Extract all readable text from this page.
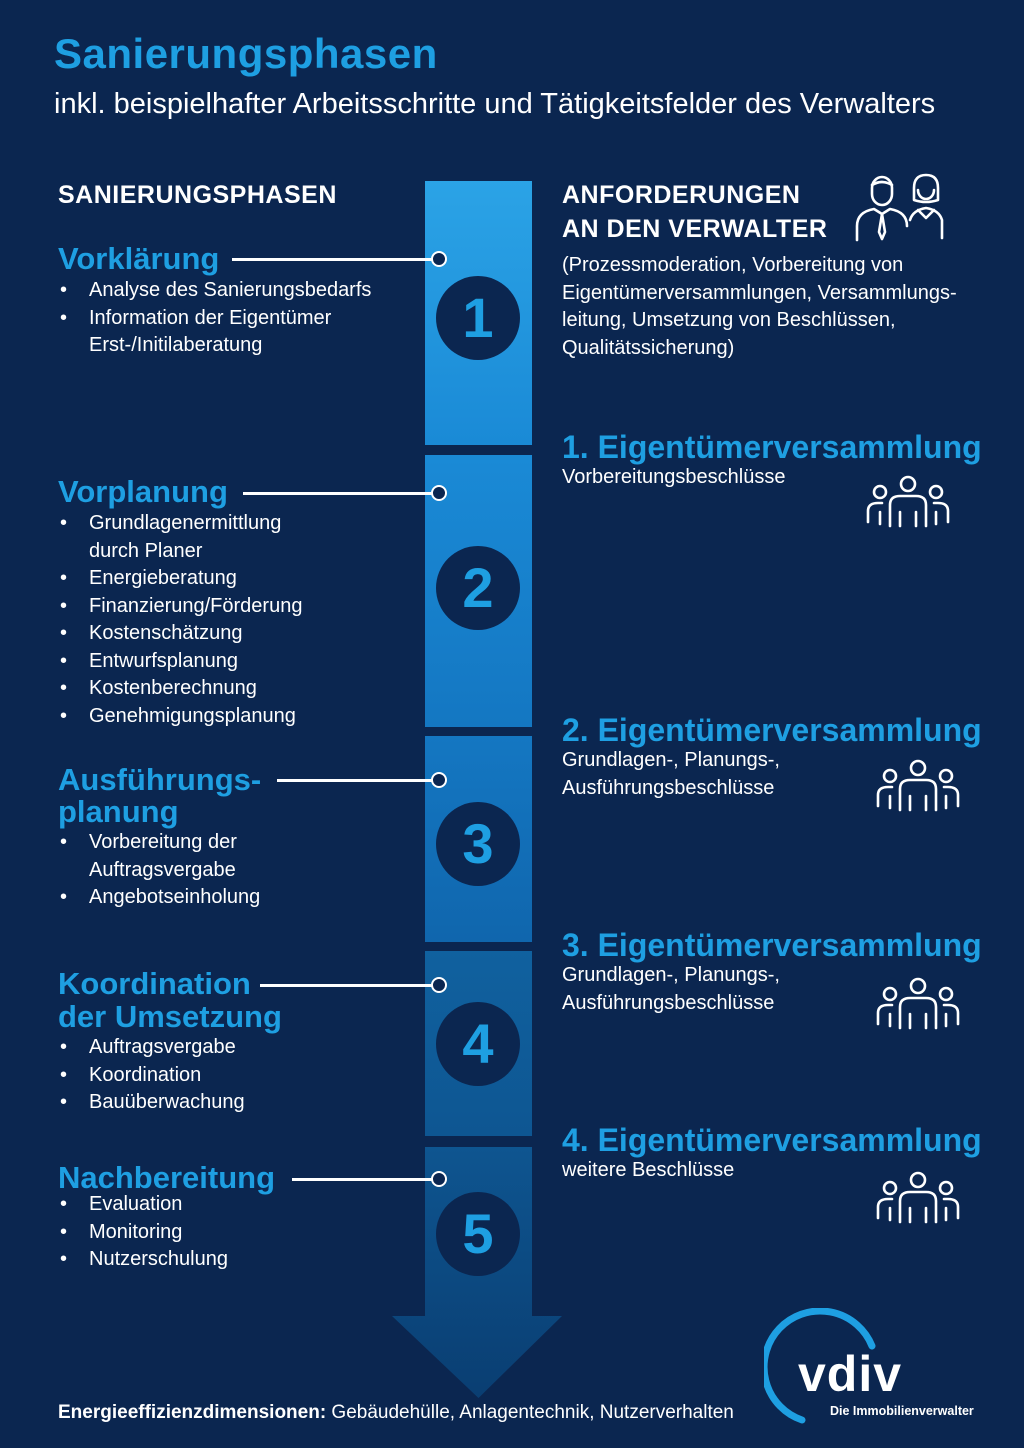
Sanierungsphasen
inkl. beispielhafter Arbeitsschritte und Tätigkeitsfelder des Verwalters
SANIERUNGSPHASEN
1
2
3
4
5
Vorklärung
• Analyse des Sanierungsbedarfs
• Information der Eigentümer Erst-/Initilaberatung
Vorplanung
• Grundlagenermittlung durch Planer
• Energieberatung
• Finanzierung/Förderung
• Kostenschätzung
• Entwurfsplanung
• Kostenberechnung
• Genehmigungsplanung
Ausführungs-
planung
• Vorbereitung der Auftragsvergabe
• Angebotseinholung
Koordination
der Umsetzung
• Auftragsvergabe
• Koordination
• Bauüberwachung
Nachbereitung
• Evaluation
• Monitoring
• Nutzerschulung
ANFORDERUNGEN
AN DEN VERWALTER
(Prozessmoderation, Vorbereitung von
Eigentümerversammlungen, Versammlungs-
leitung, Umsetzung von Beschlüssen,
Qualitätssicherung)
1. Eigentümerversammlung
Vorbereitungsbeschlüsse
2. Eigentümerversammlung
Grundlagen-, Planungs-,
Ausführungsbeschlüsse
3. Eigentümerversammlung
Grundlagen-, Planungs-,
Ausführungsbeschlüsse
4. Eigentümerversammlung
weitere Beschlüsse
vdiv
Die Immobilienverwalter
Energieeffizienzdimensionen: Gebäudehülle, Anlagentechnik, Nutzerverhalten
